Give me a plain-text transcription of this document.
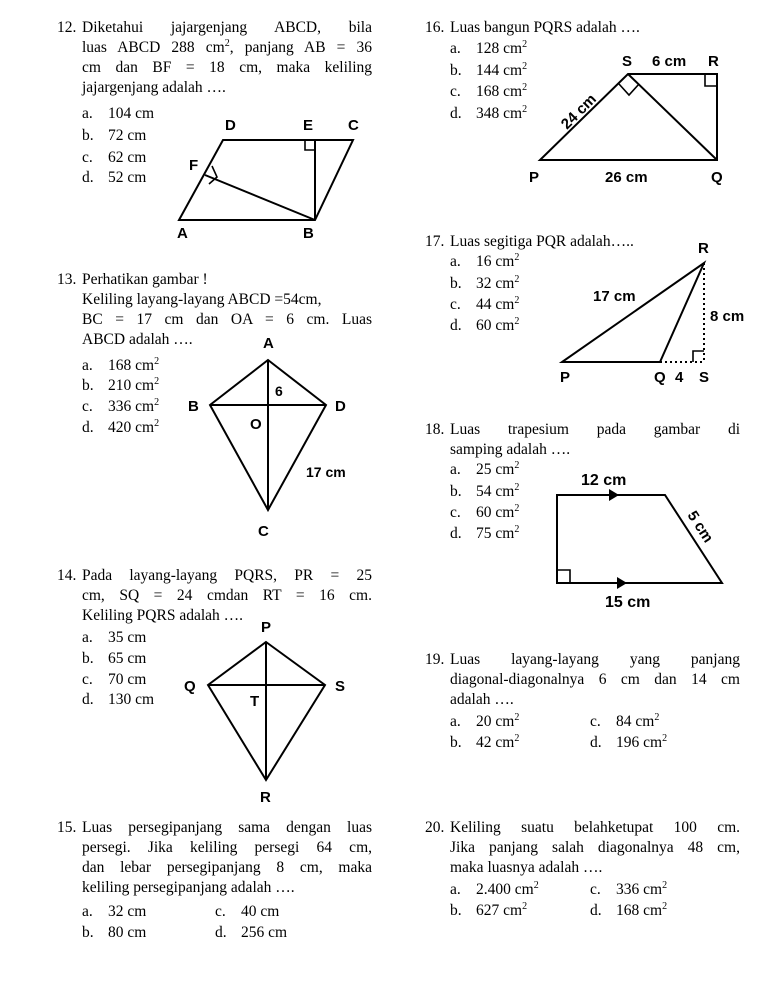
12. Diketahui jajargenjang ABCD, bila
luas ABCD 288 $cm^2$, panjang AB = 36
cm dan BF = 18 cm, maka keliling
jajargenjang adalah ….
a. 104 cm
b. 72 cm
c. 62 cm
d. 52 cm
A	B
C
D	E
F
13. Perhatikan gambar !
Keliling layang-layang ABCD =54cm,
BC = 17 cm dan OA = 6 cm. Luas
ABCD adalah ….
a. 168 $cm^2$
b. 210 $cm^2$
c. 336 $cm^2$
d. 420 $cm^2$
A
B
C
D
O
6
17 cm
14. Pada layang-layang PQRS, PR = 25
cm, SQ = 24 cmdan RT = 16 cm.
Keliling PQRS adalah ….
a. 35 cm
b. 65 cm
c. 70 cm
d. 130 cm
P
Q
R
S
T
15. Luas persegipanjang sama dengan luas
persegi. Jika keliling persegi 64 cm,
dan lebar persegipanjang 8 cm, maka
keliling persegipanjang adalah ….
a. 32 cm	c. 40 cm
b. 80 cm	d. 256 cm
16. Luas bangun PQRS adalah ….
a. 128 $cm^2$
b. 144 $cm^2$
c. 168 $cm^2$
d. 348 $cm^2$
S 6 cm R
24 cm
P	26 cm	Q
17. Luas segitiga PQR adalah…..
a. 16 $cm^2$
b. 32 $cm^2$
c. 44 $cm^2$
d. 60 $cm^2$
R
17 cm
8 cm
P	Q 4 S
18. Luas trapesium pada gambar di
samping adalah ….
a. 25 $cm^2$
b. 54 $cm^2$
c. 60 $cm^2$
d. 75 $cm^2$
12 cm
5 cm
15 cm
19. Luas layang-layang yang panjang
diagonal-diagonalnya 6 cm dan 14 cm
adalah ….
a. 20 $cm^2$	c. 84 $cm^2$
b. 42 $cm^2$	d. 196 $cm^2$
20. Keliling suatu belahketupat 100 cm.
Jika panjang salah diagonalnya 48 cm,
maka luasnya adalah ….
a. 2.400 $cm^2$	c. 336 $cm^2$
b. 627 $cm^2$	d. 168 $cm^2$
